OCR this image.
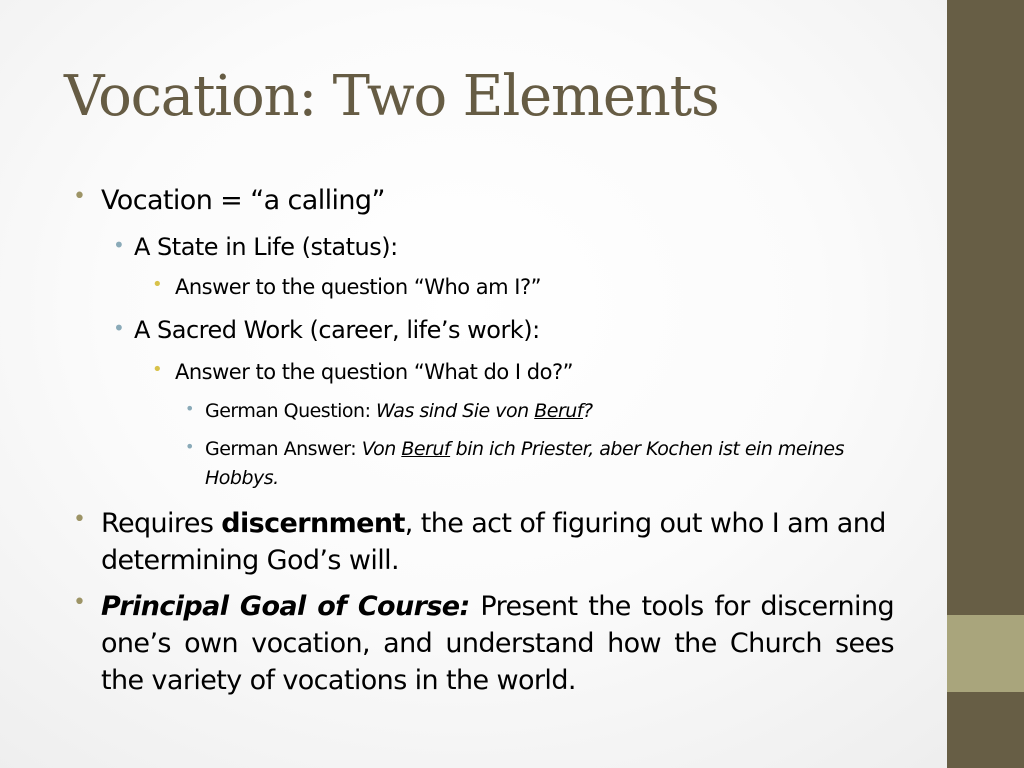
Vocation: Two Elements
• Vocation = “a calling”
• A State in Life (status):
• Answer to the question “Who am I?”
• A Sacred Work (career, life’s work):
• Answer to the question “What do I do?”
• German Question: Was sind Sie von Beruf?
• German Answer: Von Beruf bin ich Priester, aber Kochen ist ein meines Hobbys.
• Requires discernment, the act of figuring out who I am and determining God’s will.
• Principal Goal of Course: Present the tools for discerning one’s own vocation, and understand how the Church sees the variety of vocations in the world.
